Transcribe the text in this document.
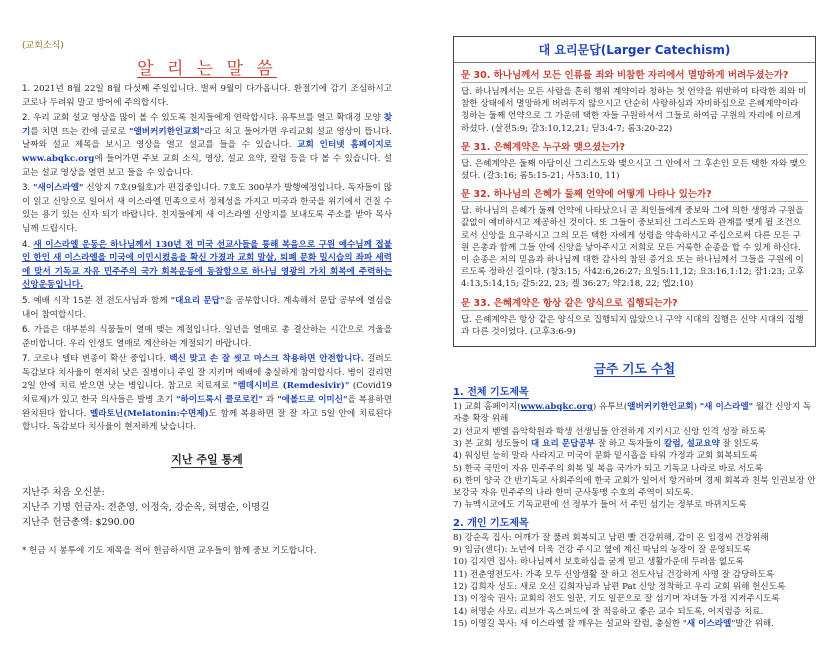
(교회소식)
알 리 는 말 씀
1. 2021년 8월 22일 8월 다섯째 주일입니다. 벌써 9월이 다가옵니다. 환절기에 감기 조심하시고 코로나 두려워 말고 방어에 주의합시다.
2. 우리 교회 설교 영상을 많이 볼 수 있도록 친지들에게 연락합시다. 유투브를 열고 확대경 모양 찾기를 치면 뜨는 칸에 글로로 "앨버커키한인교회"라고 치고 들어가면 우리교회 설교 영상이 뜹니다. 날짜와 설교 제목을 보시고 영상을 열고 설교를 들을 수 있습니다. 교회 인터넷 홈페이지로 www.abqkc.org에 들어가면 주보 교회 소식, 영상, 설교 요약, 칼럼 등을 다 볼 수 있습니다. 설교는 설교 영상을 열면 보고 들을 수 있습니다.
3. "새이스라엘" 신앙지 7호(9월호)가 편집중입니다. 7호도 300부가 발행예정입니다. 독자들이 많이 읽고 신앙으로 일어서 새 이스라엘 민족으로서 정체성을 가지고 미국과 한국을 위기에서 건질 수 있는 용기 있는 신자 되기 바랍니다. 친지들에게 새 이스라엘 신앙지를 보내도록 주소를 받아 목사님께 드립시다.
4. 새 이스라엘 운동은 하나님께서 130년 전 미국 선교사들을 통해 복음으로 구원 예수님께 접붙인 한인 새 이스라엘을 미국에 이민시켰음을 확신 가졌과 교회 말살, 퇴폐 문화 밀시습의 좌파 세력에 맞서 기독교 자유 민주주의 국가 회복운동에 동참함으로 하나님 영광의 가치 회복에 주력하는 신앙운동입니다.
5. 예배 시작 15분 전 전도사님과 함께 "대요리 문답"을 공부합니다. 계속해서 문답 공부에 열심을 내어 참여합시다.
6. 가을은 대부분의 식물들이 열매 맺는 계절입니다. 일년을 열매로 총 결산하는 시간으로 겨울을 준비합니다. 우리 인생도 열매로 계산하는 계절되기 바랍니다.
7. 코로나 델타 변종이 확산 중입니다. 백신 맞고 손 잘 씻고 마스크 착용하면 안전합니다. 걸려도 독감보다 치사율이 현저히 낮은 질병이니 주일 잘 지키며 예배에 충실하게 참여합시다. 병이 걸리면 2일 안에 치료 받으면 낫는 병입니다. 참고로 치료제로 "렘데시비르 (Remdesivir)" (Covid19 치료제)가 있고 한국 의사들은 발병 초기 "하이드록시 클로로킨" 과 "에볼드로 이미신"을 복용하면 완치된다 합니다. 멜라토닌(Melatonin:수면제)도 함께 복용하면 잘 잘 자고 5일 안에 치료된다 합니다. 독감보다 치사율이 현저하게 낮습니다.
지난 주일 통계
지난주 처음 오신분:
지난주 기명 헌금자: 전춘영, 이정숙, 강순옥, 허명순, 이명길
지난주 헌금총액: $290.00
* 헌금 시 봉투에 기도 제목을 적어 헌금하시면 교우들이 함께 중보 기도합니다.
대 요리문답(Larger Catechism)
문 30. 하나님께서 모든 인류를 죄와 비참한 자리에서 멸망하게 버려두셨는가?
답. 하나님께서는 모든 사람을 흔히 행위 계약이라 칭하는 첫 언약을 위반하여 타락한 죄와 비참한 상태에서 멸망하게 버려두지 않으시고 단순히 사랑하심과 자비하심으로 은혜계약이라 칭하는 둘째 언약으로 그 가운데 택한 자들 구원하셔서 그들로 하여금 구원의 자리에 이르게 하셨다. (살전5:9; 갈3:10,12,21; 딛3:4-7; 롬3:20-22)
문 31. 은혜계약은 누구와 맺으셨는가?
답. 은혜계약은 둘째 아담이신 그리스도와 맺으시고 그 안에서 그 후손인 모든 택한 자와 맺으셨다. (갈3:16; 롬5:15-21; 사53:10, 11)
문 32. 하나님의 은혜가 둘째 언약에 어떻게 나타나 있는가?
답. 하나님의 은혜가 둘째 언약에 나타났으니 곧 죄인들에게 중보와 그에 의한 생명과 구원을 값없이 예비하시고 제공하신 것이다. 또 그들이 중보되신 그리스도와 관계를 맺게 될 조건으로서 신앙을 요구하시고 그의 모든 택한 자에게 성령을 약속하시고 주십으로써 다른 모든 구원 은총과 함께 그들 안에 신앙을 낳아주시고 저희로 모든 거룩한 순종을 할 수 있게 하신다. 이 순종은 저의 믿음과 하나님께 대한 감사의 참된 증거요 또는 하나님께서 그들을 구원에 이르도록 정하신 길이다. (창3:15; 사42:6,26:27; 요일5:11,12; 요3:16,1:12; 잠1:23; 고후4:13,5:14,15; 갈5:22, 23; 겔 36:27; 약2:18, 22; 엡2:10)
문 33. 은혜계약은 항상 같은 양식으로 집행되는가?
답. 은혜계약은 항상 같은 양식으로 집행되지 않았으니 구약 시대의 집행은 신약 시대의 집행과 다른 것이었다. (고후3:6-9)
금주 기도 수첩
1. 전체 기도제목
1) 교회 홈페이지(www.abqkc.org) 유투브(앨버커키한인교회) "새 이스라엘" 월간 신앙지 독자층 확장 위해
2) 선교지 벧엘 음악학원과 학생 선생님들 안전하게 지키시고 신앙 인격 성장 하도록
3) 본 교회 성도들이 대 요리 문답공부 잘 하고 독자들이 칼럼, 설교요약 잘 읽도록
4) 워싱턴 능히 말라 사라지고 미국이 문화 밑시흡을 타워 가정과 교회 회복되도록
5) 한국 국민이 자유 민주주의 회복 및 복음 국가가 되고 기독교 나라로 바로 서도록
6) 한미 양국 간 반기독교 사회주의에 한국 교회가 일어서 항거하며 경제 회복과 친북 인권보장 안보강국 자유 민주주의 나라 한미 군사동맹 수호의 주역이 되도록.
7) 뉴멕시코에도 기독교편에 선 정부가 들어 서 주민 섬기는 정부로 바뀌지도록
2. 개인 기도제목
8) 강순옥 집사: 어깨가 잘 풀려 회복되고 남편 빨 건강위해, 같이 온 임경씨 건강위해
9) 임금(샌디): 노년에 더욱 건강 주시고 옆에 계신 따님의 농장이 잘 운영되도록
10) 김지연 집사: 하나님께서 보호하심을 굳게 믿고 생활가운데 두려움 없도록
11) 전춘영전도사: 가족 모두 신앙생활 잘 하고 전도사님 건강하게 사명 잘 감당하도록
12) 김희자 성도: 새로 오신 김희자님과 남편 Pat 신앙 정착하고 우리 교회 위해 헌신도록
13) 이정숙 권사: 교회의 전도 일꾼, 기도 일꾼으로 잘 섬기며 자녀들 가정 지켜주시도록
14) 허명순 사모: 리브가 옥스퍼드에 잘 적응하고 좋은 교수 되도록, 어지럼증 치료.
15) 이명길 목사: 새 이스라엘 잠 깨우는 설교와 칼럼, 충실한 "새 이스라엘"발간 위해.
